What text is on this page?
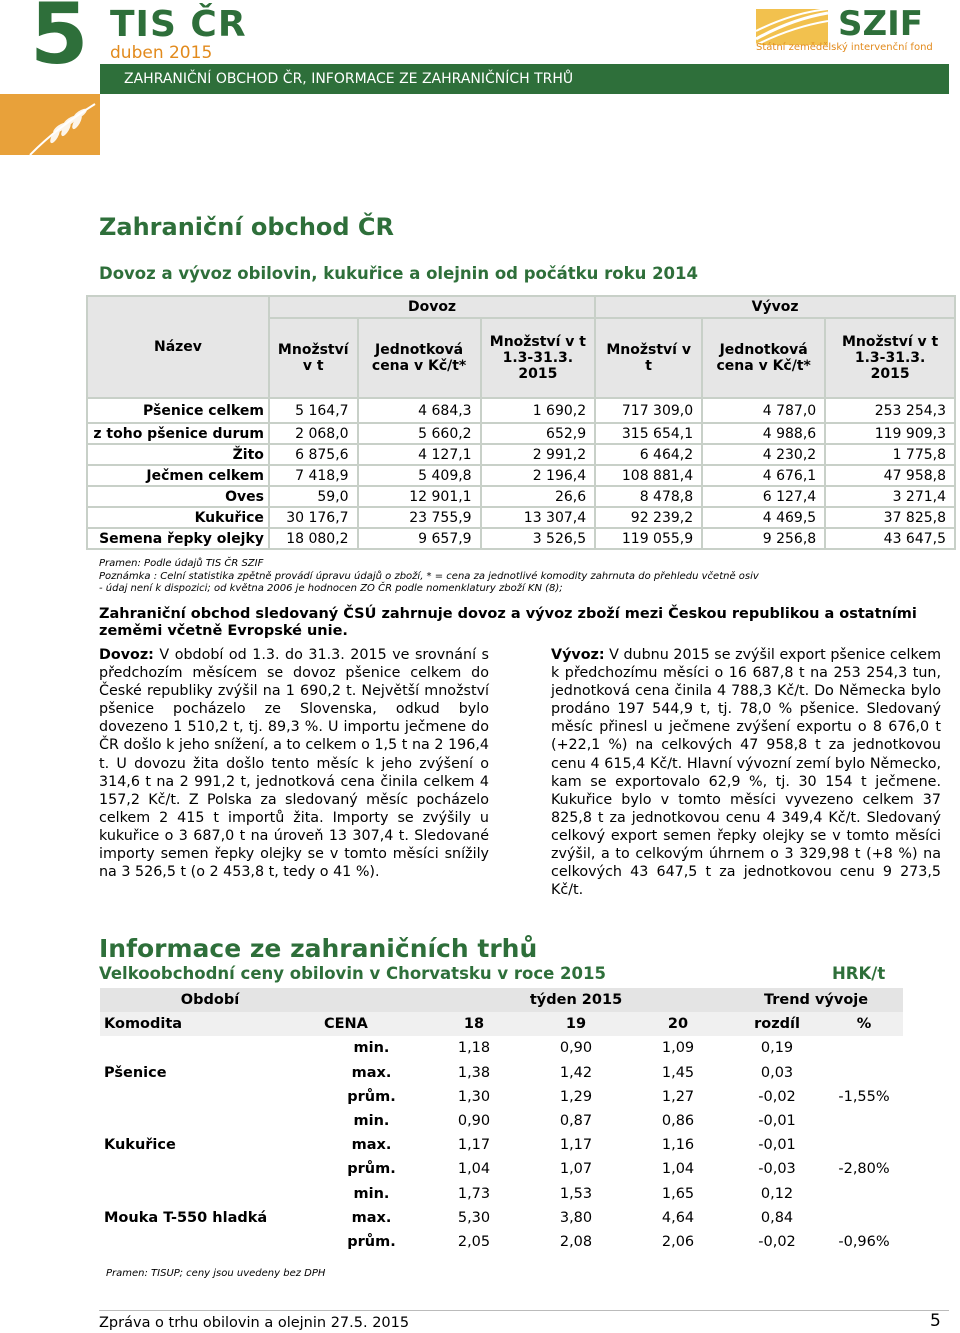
5 TIS ČR
duben 2015
SZIF
Státní zemědělský intervenční fond
ZAHRANIČNÍ OBCHOD ČR, INFORMACE ZE ZAHRANIČNÍCH TRHŮ
Zahraniční obchod ČR
Dovoz a vývoz obilovin, kukuřice a olejnin od počátku roku 2014
Název	Dovoz			Vývoz		
	Množství v t	Jednotková cena v Kč/t*	Množství v t 1.3-31.3. 2015	Množství v t	Jednotková cena v Kč/t*	Množství v t 1.3-31.3. 2015
Pšenice celkem	5 164,7	4 684,3	1 690,2	717 309,0	4 787,0	253 254,3
z toho pšenice durum	2 068,0	5 660,2	652,9	315 654,1	4 988,6	119 909,3
Žito	6 875,6	4 127,1	2 991,2	6 464,2	4 230,2	1 775,8
Ječmen celkem	7 418,9	5 409,8	2 196,4	108 881,4	4 676,1	47 958,8
Oves	59,0	12 901,1	26,6	8 478,8	6 127,4	3 271,4
Kukuřice	30 176,7	23 755,9	13 307,4	92 239,2	4 469,5	37 825,8
Semena řepky olejky	18 080,2	9 657,9	3 526,5	119 055,9	9 256,8	43 647,5
Pramen: Podle údajů TIS ČR SZIF
Poznámka : Celní statistika zpětně provádí úpravu údajů o zboží, * = cena za jednotlivé komodity zahrnuta do přehledu včetně osiv
- údaj není k dispozici; od května 2006 je hodnocen ZO ČR podle nomenklatury zboží KN (8);
Zahraniční obchod sledovaný ČSÚ zahrnuje dovoz a vývoz zboží mezi Českou republikou a ostatními zeměmi včetně Evropské unie.
Dovoz: V období od 1.3. do 31.3. 2015 ve srovnání s předchozím měsícem se dovoz pšenice celkem do České republiky zvýšil na 1 690,2 t. Největší množství pšenice pocházelo ze Slovenska, odkud bylo dovezeno 1 510,2 t, tj. 89,3 %. U importu ječmene do ČR došlo k jeho snížení, a to celkem o 1,5 t na 2 196,4 t. U dovozu žita došlo tento měsíc k jeho zvýšení o 314,6 t na 2 991,2 t, jednotková cena činila celkem 4 157,2 Kč/t. Z Polska za sledovaný měsíc pocházelo celkem 2 415 t importů žita. Importy se zvýšily u kukuřice o 3 687,0 t na úroveň 13 307,4 t. Sledované importy semen řepky olejky se v tomto měsíci snížily na 3 526,5 t (o 2 453,8 t, tedy o 41 %).
Vývoz: V dubnu 2015 se zvýšil export pšenice celkem k předchozímu měsíci o 16 687,8 t na 253 254,3 tun, jednotková cena činila 4 788,3 Kč/t. Do Německa bylo prodáno 197 544,9 t, tj. 78,0 % pšenice. Sledovaný měsíc přinesl u ječmene zvýšení exportu o 8 676,0 t (+22,1 %) na celkových 47 958,8 t za jednotkovou cenu 4 615,4 Kč/t. Hlavní vývozní zemí bylo Německo, kam se exportovalo 62,9 %, tj. 30 154 t ječmene. Kukuřice bylo v tomto měsíci vyvezeno celkem 37 825,8 t za jednotkovou cenu 4 349,4 Kč/t. Sledovaný celkový export semen řepky olejky se v tomto měsíci zvýšil, a to celkovým úhrnem o 3 329,98 t (+8 %) na celkových 43 647,5 t za jednotkovou cenu 9 273,5 Kč/t.
Informace ze zahraničních trhů
Velkoobchodní ceny obilovin v Chorvatsku v roce 2015	HRK/t
Období		týden 2015			Trend vývoje	
Komodita	CENA	18	19	20	rozdíl	%
Pšenice	min.	1,18	0,90	1,09	0,19	
	max.	1,38	1,42	1,45	0,03	
	prům.	1,30	1,29	1,27	-0,02	-1,55%
Kukuřice	min.	0,90	0,87	0,86	-0,01	
	max.	1,17	1,17	1,16	-0,01	
	prům.	1,04	1,07	1,04	-0,03	-2,80%
Mouka T-550 hladká	min.	1,73	1,53	1,65	0,12	
	max.	5,30	3,80	4,64	0,84	
	prům.	2,05	2,08	2,06	-0,02	-0,96%
Pramen: TISUP; ceny jsou uvedeny bez DPH
Zpráva o trhu obilovin a olejnin 27.5. 2015	5
